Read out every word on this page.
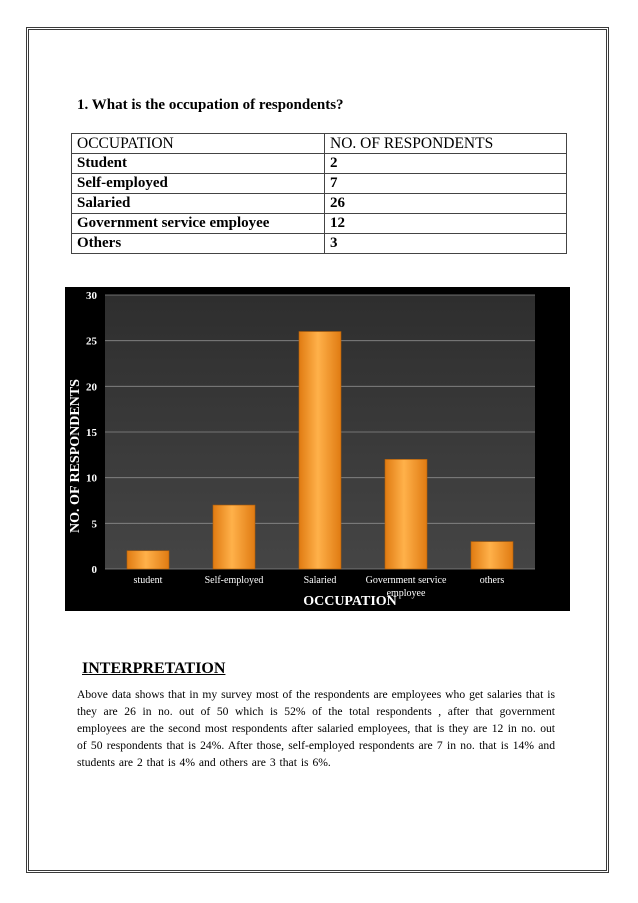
1. What is the occupation of respondents?

OCCUPATION	NO. OF RESPONDENTS
Student	2
Self-employed	7
Salaried	26
Government service employee	12
Others	3
0
5
10
15
20
25
30
student	Self-employed	Salaried	Government service
employee
others
OCCUPATION
NO. OF RESPONDENTS

INTERPRETATION

Above data shows that in my survey most of the respondents are employees who get salaries that is they are 26 in no. out of 50 which is 52% of the total respondents , after that government employees are the second most respondents after salaried employees, that is they are 12 in no. out of 50 respondents that is 24%. After those, self-employed respondents are 7 in no. that is 14% and students are 2 that is 4% and others are 3 that is 6%.
